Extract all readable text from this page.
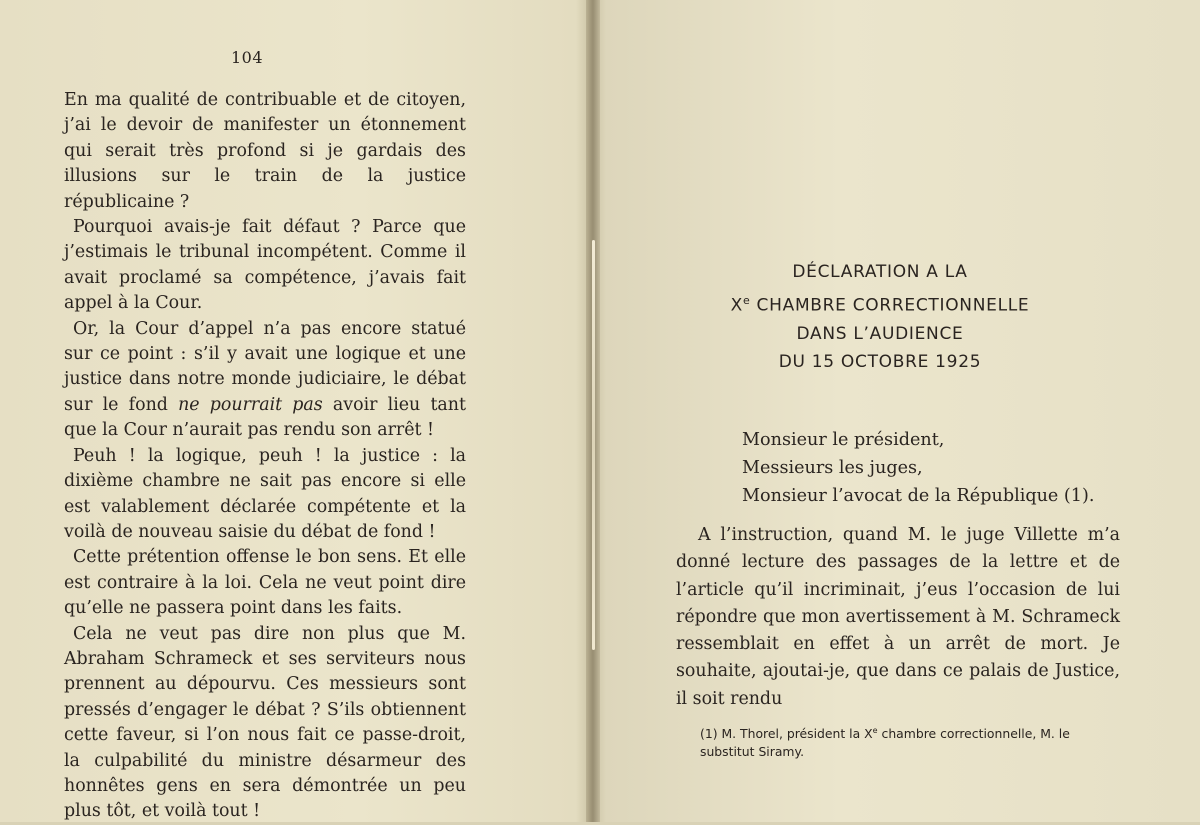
104

En ma qualité de contribuable et de citoyen, j’ai le devoir de manifester un étonnement qui serait très profond si je gardais des illusions sur le train de la justice républicaine ?

Pourquoi avais-je fait défaut ? Parce que j’estimais le tribunal incompétent. Comme il avait proclamé sa compétence, j’avais fait appel à la Cour.

Or, la Cour d’appel n’a pas encore statué sur ce point : s’il y avait une logique et une justice dans notre monde judiciaire, le débat sur le fond ne pourrait pas avoir lieu tant que la Cour n’aurait pas rendu son arrêt !

Peuh ! la logique, peuh ! la justice : la dixième chambre ne sait pas encore si elle est valablement déclarée compétente et la voilà de nouveau saisie du débat de fond !

Cette prétention offense le bon sens. Et elle est contraire à la loi. Cela ne veut point dire qu’elle ne passera point dans les faits.

Cela ne veut pas dire non plus que M. Abraham Schrameck et ses serviteurs nous prennent au dépourvu. Ces messieurs sont pressés d’engager le débat ? S’ils obtiennent cette faveur, si l’on nous fait ce passe-droit, la culpabilité du ministre désarmeur des honnêtes gens en sera démontrée un peu plus tôt, et voilà tout !

DÉCLARATION A LA
Xe CHAMBRE CORRECTIONNELLE
DANS L’AUDIENCE
DU 15 OCTOBRE 1925
Monsieur le président,
Messieurs les juges,
Monsieur l’avocat de la République (1).

A l’instruction, quand M. le juge Villette m’a donné lecture des passages de la lettre et de l’article qu’il incriminait, j’eus l’occasion de lui répondre que mon avertissement à M. Schrameck ressemblait en effet à un arrêt de mort. Je souhaite, ajoutai-je, que dans ce palais de Justice, il soit rendu

(1) M. Thorel, président la Xe chambre correctionnelle, M. le substitut Siramy.
